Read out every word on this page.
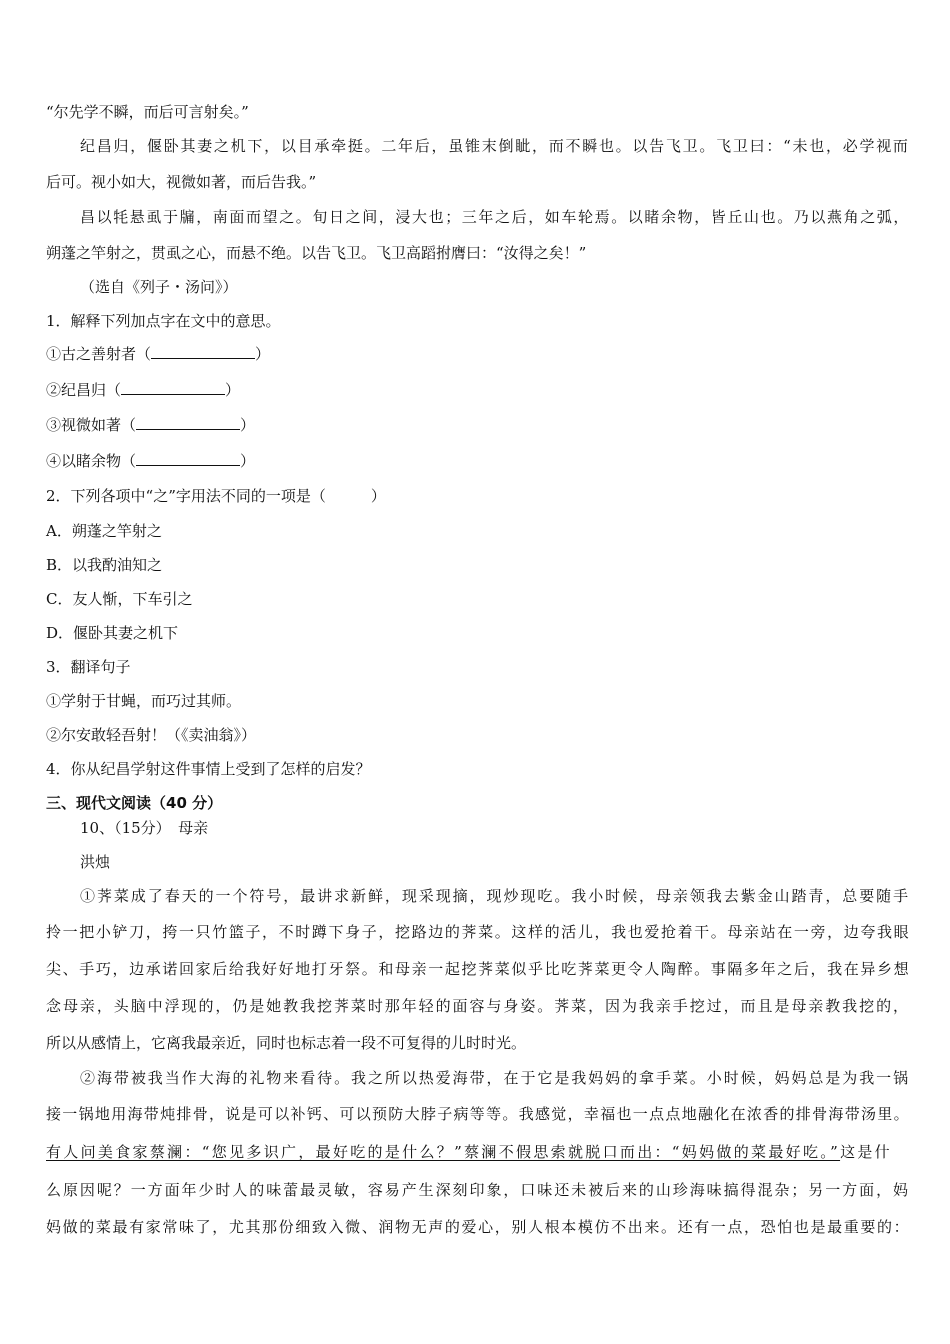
“尔先学不瞬，而后可言射矣。”
纪昌归，偃卧其妻之机下，以目承牵挺。二年后，虽锥末倒眦，而不瞬也。以告飞卫。飞卫曰：“未也，必学视而
后可。视小如大，视微如著，而后告我。”
昌以牦悬虱于牖，南面而望之。旬日之间，浸大也；三年之后，如车轮焉。以睹余物，皆丘山也。乃以燕角之弧，
朔蓬之竿射之，贯虱之心，而悬不绝。以告飞卫。飞卫高蹈拊膺曰：“汝得之矣！”
（选自《列子・汤问》）
1．解释下列加点字在文中的意思。
①古之善射者（	）
②纪昌归（	）
③视微如著（	）
④以睹余物（	）
2．下列各项中“之”字用法不同的一项是（　　　）
A．朔蓬之竿射之
B．以我酌油知之
C．友人惭，下车引之
D．偃卧其妻之机下
3．翻译句子
①学射于甘蝇，而巧过其师。
②尔安敢轻吾射！（《卖油翁》）
4．你从纪昌学射这件事情上受到了怎样的启发？
三、现代文阅读（40 分）
10、（15分）　母亲
洪烛
①荠菜成了春天的一个符号，最讲求新鲜，现采现摘，现炒现吃。我小时候，母亲领我去紫金山踏青，总要随手
拎一把小铲刀，挎一只竹篮子，不时蹲下身子，挖路边的荠菜。这样的活儿，我也爱抢着干。母亲站在一旁，边夸我眼
尖、手巧，边承诺回家后给我好好地打牙祭。和母亲一起挖荠菜似乎比吃荠菜更令人陶醉。事隔多年之后，我在异乡想
念母亲，头脑中浮现的，仍是她教我挖荠菜时那年轻的面容与身姿。荠菜，因为我亲手挖过，而且是母亲教我挖的，
所以从感情上，它离我最亲近，同时也标志着一段不可复得的儿时时光。
②海带被我当作大海的礼物来看待。我之所以热爱海带，在于它是我妈妈的拿手菜。小时候，妈妈总是为我一锅
接一锅地用海带炖排骨，说是可以补钙、可以预防大脖子病等等。我感觉，幸福也一点点地融化在浓香的排骨海带汤里。
有人问美食家蔡澜：“您见多识广，最好吃的是什么？”蔡澜不假思索就脱口而出：“妈妈做的菜最好吃。”这是什
么原因呢？一方面年少时人的味蕾最灵敏，容易产生深刻印象，口味还未被后来的山珍海味搞得混杂；另一方面，妈
妈做的菜最有家常味了，尤其那份细致入微、润物无声的爱心，别人根本模仿不出来。还有一点，恐怕也是最重要的：
